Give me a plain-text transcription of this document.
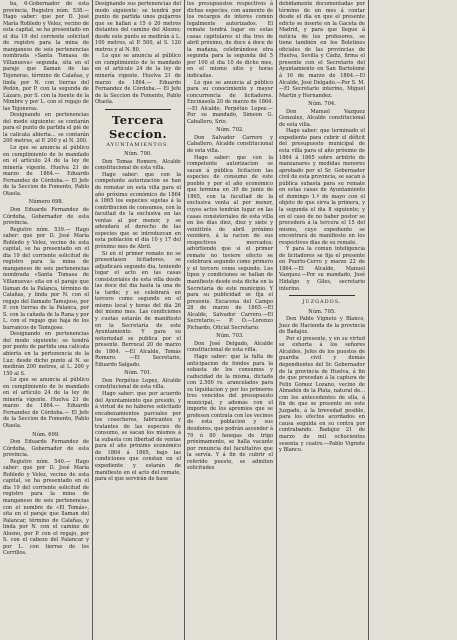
ba, 6-Gobernador de esta provincia, Registro núm. 538.— Hago saber: que por D. José María Robledo y Velez, vecino de esta capital, se ha presentado en el dia 19 del corriente solicitud de registro para la mina de manganeso de seis pertenencias nombrada «Santa Tomasa de Villanueva» segunda, sita en el paraje que llaman de las Tejoneras, término de Calañas, y linda por N. con tierras del Pedón, por P. con la segunda de Lázaro, por S. con la fuente de la Mimbre y por L. con el regajo de las Tejoneras.

Designando en pertenencias del modo siguiente: se contarán para el punto de partida el pié de la calicata abierta... se contarán 200 metros, al P. 200 y al N. 200.

Lo que se anuncia al público en cumplimiento de lo mandado en el artículo 24 de la ley de minería vigente. Huelva 21 de marzo de 1864.— Eduardo Fernandez de Córdoba.— El Jefe de la Seccion de Fomento, Pablo Otaola.

Número 698.

Don Eduardo Fernandez de Córdoba, Gobernador de esta provincia.

Registro núm. 539.— Hago saber: que por D. José María Robledo y Velez, vecino de esta capital, se ha presentado en el dia 19 del corriente solicitud de registro para la mina de manganeso de seis pertenencias nombrada «Santa Tomasa de Villanueva» sita en el paraje que llaman de la Palanca, término de Calañas, y linda por N. con el regajo del llamado Tamujoso, por P. con tierras de la Palanca, por S. con la cañada de la Rana y por L. con el regajo que baja de los barrancos de Tamujoso.

Designando en pertenencias del modo siguiente: se tendrá por punto de partida una calicata abierta en la pertenencia de la Luz; desde dicho punto al N. se medirán 200 metros, al L. 200 y 150 al S.

Lo que se anuncia al público en cumplimiento de lo mandado en el artículo 24 de la ley de minería vigente. Huelva 21 de marzo de 1864.— Eduardo Fernandez de Córdoba.— El Jefe de la Seccion de Fomento, Pablo Otaola.

Núm. 699.

Don Eduardo Fernandez de Córdoba, Gobernador de esta provincia.

Registro núm. 540.— Hago saber: que por D. José María Robledo y Velez, vecino de esta capital, se ha presentado en el dia 19 del corriente solicitud de registro para la mina de manganeso de seis pertenencias con el nombre de «El Tomás», sita en el paraje que llaman del Palancar, término de Calañas, y linda por N. con el camino de Alosno, por P. con el regajo, por S. con el cabezo del Palancar y por L. con tierras de los Cerrillos.

Designando sus pertenencias del modo siguiente: se tendrá por punto de partida unos guijarros que se hallan a 15 ó 20 metros distantes del camino del Alosno; desde este punto se medirán á L. 100 metros, al P. 500, al S. 120 metros y al N. 80.

Lo que se anuncia al público en cumplimiento de lo mandado en el artículo 24 de la ley de minería vigente. Huelva 21 de marzo de 1864.— Eduardo Fernandez de Córdoba.— El Jefe de la Seccion de Fomento, Pablo Otaola.

Tercera Seccion.
AYUNTAMIENTOS.

Núm. 700.

Don Tomas Romero, Alcalde constitucional de esta villa.

Hago saber: que con la competente autorizacion se han de rematar en esta villa para el año próximo económico de 1864 á 1865 los especies sujetas á la contribucion de consumos, con la facultad de la exclusiva en las ventas al por menor, y se adeudará el derecho de las especies que se introduzcan en esta población el dia 10 y 17 del próximo mes de Abril.

Si en el primer remate no se presentasen licitadores, se adjudicará segundo dia, teniendo lugar el acto en las casas consistoriales de esta villa desde las doce del dia hasta la una de la tarde; y se celebrará un tercero como segundo en el mismo local y horas del día 26 del mismo mes. Las condiciones y cuotas estarán de manifiesto en la Secretaría de este Ayuntamiento. Y para su notoriedad se publica por el presente. Berrocal 20 de marzo de 1864. —El Alcalde, Tomás Romero. —El Secretario, Eduardo Salgado.

Núm. 701.

Don Perpétuo Lopez, Alcalde constitucional de esta villa.

Hago saber: que por acuerdo del Ayuntamiento que presido, y á virtud de no haberse solicitado encabezamientos parciales por los cosecheros, fabricantes y tratantes de las especies de consumo, se sacan los mismos á la subasta con libertad de ventas para el año próximo económico de 1864 á 1865, bajo las condiciones que constan en el expediente y estarán de manifiesto en el acto del remate, para el que servirán de base

los presupuestos respectivos á dichas especies, con aumento de los recargos de interes común legalmente autorizados. El remate tendrá lugar en estas casas capitulares el dia tres de abril próximo, de doce á doce de la mañana, celebrándose otra segunda para la segunda del 5 por 100 el dia 10 de dicho mes, en el mismo sitio y horas indicadas.

Lo que se anuncia al público para su conocimiento y mayor concurrencia de licitadores. Encinasola 20 de marzo de 1864.—El Alcalde, Perpétuo Lopez.—Por su mandado, Simeon G. Caballero, Srio.

Núm. 702.

Don Salvador Carrero y Caballero, Alcalde constitucional de esta villa.

Hago saber: que con la competente autorizacion se sacan á pública licitacion las especies de consumo de este pueblo y por el año económico que termina en 30 de junio de 1865, con la facultad de la exclusiva venta al por menor, cuyos actos tendrán lugar en las casas consistoriales de esta villa en los días diez, diez y siete y veintitrés de abril próximo venidero, á la racion de sus respectivos mercados; advirtiendo que si el primer remate no tuviere efecto se celebrará segundo como primero y el tercero como segundo. Los tipos y condiciones se hallan de manifiesto desde esta dicha en la Secretaría de este municipio. Y para su publicidad se fija el presente. Escacena del Campo 28 de marzo de 1865.—El Alcalde, Salvador Carrero.—El Secretario,— P. O.—Lorenzo Pichardo, Oficial Secretario.

Núm. 703.

Don José Delgado, Alcalde constitucional de esta villa.

Hago saber: que la falta de anticipacion de fondos para la subasta de los consumos y caducidad de la misma, dictada con 2.500 rs. arancelados para su liquidacion y por los primeros tres vencidos del presupuesto municipal, y además con el importe de los apremios que se profesen contrata con los vecinos de esta poblacion y sus deudores, que podrán ascender á 70 ú 80 fanegas de trigo próximamente, se halla vacante por renuncia del facultativo que la servía. Y á fin de cubrir el referido puesto, se admiten solicitudes

debidamente documentadas por término de un mes á contar desde el dia en que el presente edicto se inserte en la Gaceta de Madrid, y para que llegue á noticia de los profesores, se tiene también en los Boletines oficiales de las provincias de Huelva, Sevilla y Cádiz, firma el presente con el Secretario del Ayuntamiento en San Bartolomé á 16 de marzo de 1864.—El Alcalde, José Delgado.—Por S. M.—El Secretario interino, Miguel Martin y Hernandez.

Núm. 704.

Don Manuel Vazquez Gonzalez, Alcalde constitucional de esta villa.

Hago saber: que terminado el expediente para cubrir el déficit del presupuesto municipal de esta villa para el año próximo de 1864 á 1865 sobre arbitrio de manzanares y medidas menores aprobado por el Sr. Gobernador civil de esta provincia, se sacan á pública subasta para su remate en estas casas de Ayuntamiento el domingo 1.º de mayo con el objeto de que sirva la primera, y la segunda el dia 8 siguiente; y en el caso de no haber postor se procederá á la tercera el 15 del mismo, cuyo expediente se encontrará de manifiesto en los respectivos dias de su remate.

Y para la comun inteligencia de licitadores se fija el presente en Puerto-Cerro y marzo 22 de 1864.—El Alcalde, Manuel Vazquez.—Por su mandado, José Hidalgo y Giles, secretario interino.

JUZGADOS.

Núm. 705.

Don Pablo Vigneto y Blanco, Juez de Hacienda de la provincia de Badajoz.

Por el presente, y en su virtud se exhorta á los señores Alcaldes, Jefes de los puestos de guardia civil y demás dependientes del Sr. Gobernador de la provincia de Huelva, á fin de que procedan á la captura de Felix Gomez Lozano, vecino de Almadén de la Plata, natural de... con los antecedentes de ella, á fin de que se presente en este Juzgado, á la brevedad posible, para los efectos acordados en causa seguida en su contra por contrabando. Badajoz 21 de marzo de mil ochocientos sesenta y cuatro.—Pablo Vignote y Blanco.
